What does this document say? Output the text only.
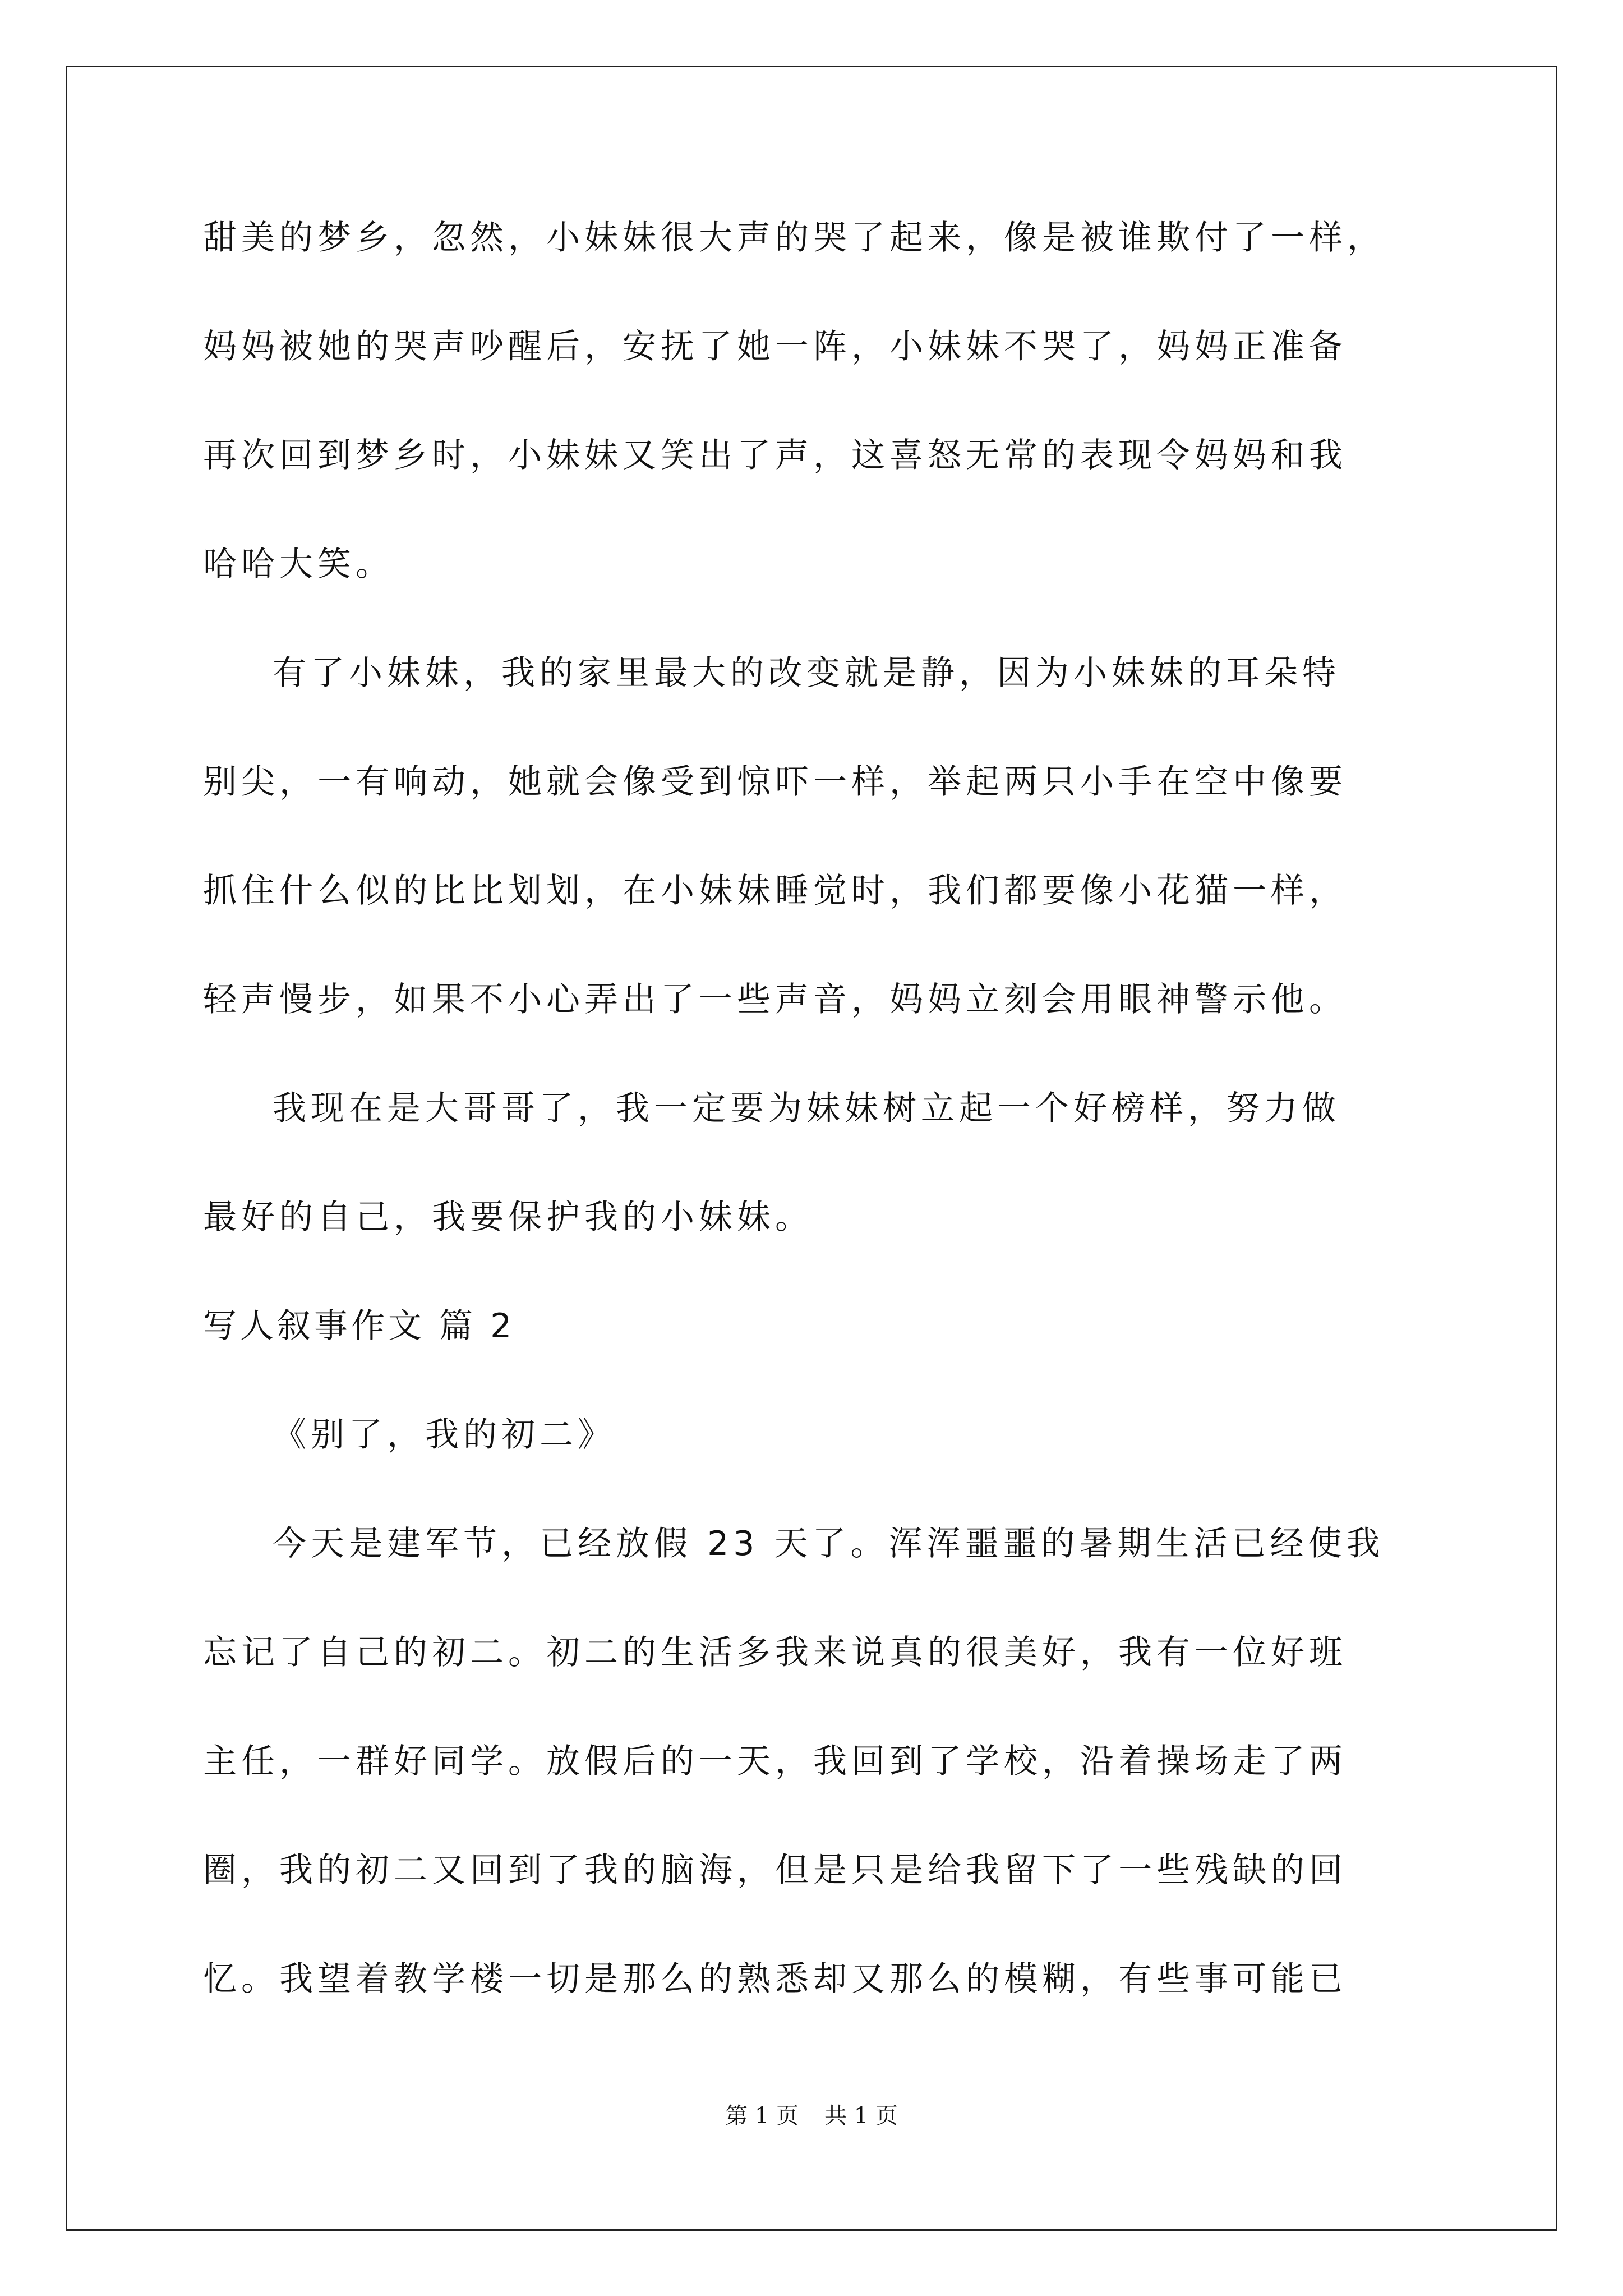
甜美的梦乡，忽然，小妹妹很大声的哭了起来，像是被谁欺付了一样，
妈妈被她的哭声吵醒后，安抚了她一阵，小妹妹不哭了，妈妈正准备
再次回到梦乡时，小妹妹又笑出了声，这喜怒无常的表现令妈妈和我
哈哈大笑。
有了小妹妹，我的家里最大的改变就是静，因为小妹妹的耳朵特
别尖，一有响动，她就会像受到惊吓一样，举起两只小手在空中像要
抓住什么似的比比划划，在小妹妹睡觉时，我们都要像小花猫一样，
轻声慢步，如果不小心弄出了一些声音，妈妈立刻会用眼神警示他。
我现在是大哥哥了，我一定要为妹妹树立起一个好榜样，努力做
最好的自己，我要保护我的小妹妹。
写人叙事作文 篇 2
《别了，我的初二》
今天是建军节，已经放假 23 天了。浑浑噩噩的暑期生活已经使我
忘记了自己的初二。初二的生活多我来说真的很美好，我有一位好班
主任，一群好同学。放假后的一天，我回到了学校，沿着操场走了两
圈，我的初二又回到了我的脑海，但是只是给我留下了一些残缺的回
忆。我望着教学楼一切是那么的熟悉却又那么的模糊，有些事可能已
第 1 页 共 1 页
